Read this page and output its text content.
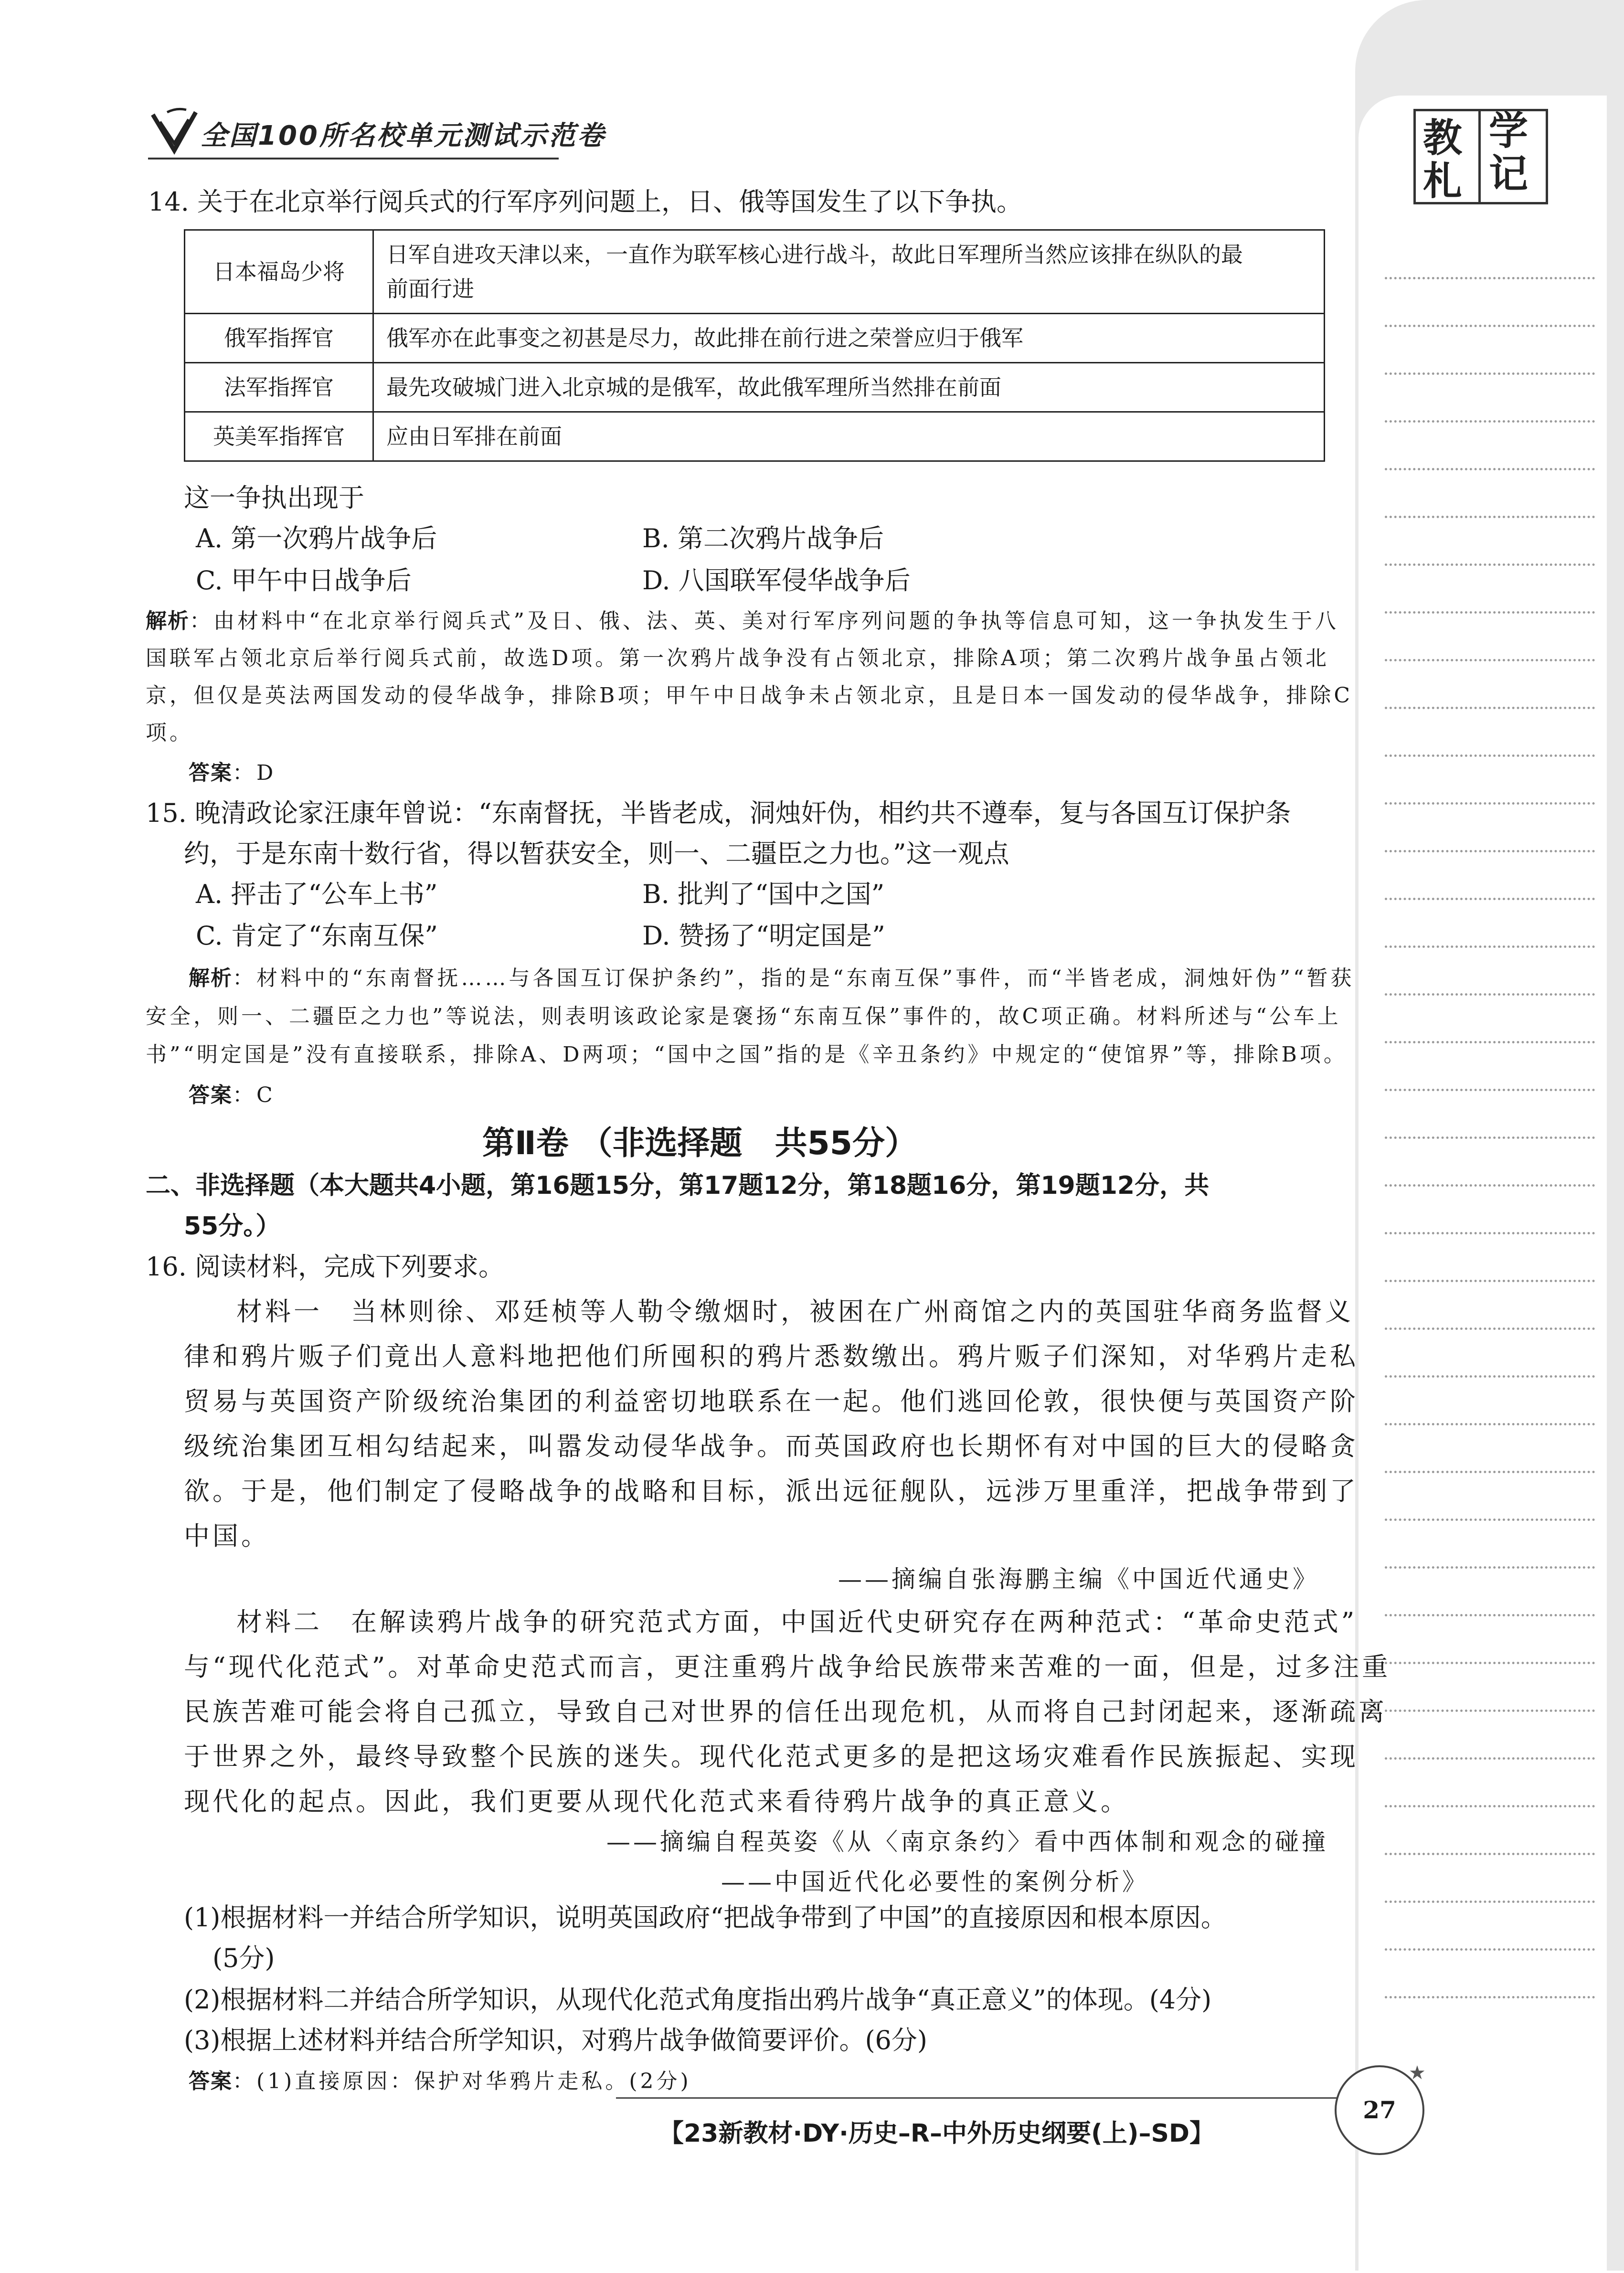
教 学
札 记
全国100所名校单元测试示范卷
14. 关于在北京举行阅兵式的行军序列问题上，日、俄等国发生了以下争执。
日本福岛少将	日军自进攻天津以来，一直作为联军核心进行战斗，故此日军理所当然应该排在纵队的最
前面行进
俄军指挥官	俄军亦在此事变之初甚是尽力，故此排在前行进之荣誉应归于俄军
法军指挥官	最先攻破城门进入北京城的是俄军，故此俄军理所当然排在前面
英美军指挥官	应由日军排在前面
这一争执出现于
A. 第一次鸦片战争后	B. 第二次鸦片战争后
C. 甲午中日战争后	D. 八国联军侵华战争后
解析：由材料中“在北京举行阅兵式”及日、俄、法、英、美对行军序列问题的争执等信息可知，这一争执发生于八
国联军占领北京后举行阅兵式前，故选D项。第一次鸦片战争没有占领北京，排除A项；第二次鸦片战争虽占领北
京，但仅是英法两国发动的侵华战争，排除B项；甲午中日战争未占领北京，且是日本一国发动的侵华战争，排除C
项。
答案：D
15. 晚清政论家汪康年曾说：“东南督抚，半皆老成，洞烛奸伪，相约共不遵奉，复与各国互订保护条
约，于是东南十数行省，得以暂获安全，则一、二疆臣之力也。”这一观点
A. 抨击了“公车上书”	B. 批判了“国中之国”
C. 肯定了“东南互保”	D. 赞扬了“明定国是”
解析：材料中的“东南督抚……与各国互订保护条约”，指的是“东南互保”事件，而“半皆老成，洞烛奸伪”“暂获
安全，则一、二疆臣之力也”等说法，则表明该政论家是褒扬“东南互保”事件的，故C项正确。材料所述与“公车上
书”“明定国是”没有直接联系，排除A、D两项；“国中之国”指的是《辛丑条约》中规定的“使馆界”等，排除B项。
答案：C
第Ⅱ卷 （非选择题　共55分）
二、非选择题（本大题共4小题，第16题15分，第17题12分，第18题16分，第19题12分，共
55分。）
16. 阅读材料，完成下列要求。
材料一　当林则徐、邓廷桢等人勒令缴烟时，被困在广州商馆之内的英国驻华商务监督义
律和鸦片贩子们竟出人意料地把他们所囤积的鸦片悉数缴出。鸦片贩子们深知，对华鸦片走私
贸易与英国资产阶级统治集团的利益密切地联系在一起。他们逃回伦敦，很快便与英国资产阶
级统治集团互相勾结起来，叫嚣发动侵华战争。而英国政府也长期怀有对中国的巨大的侵略贪
欲。于是，他们制定了侵略战争的战略和目标，派出远征舰队，远涉万里重洋，把战争带到了
中国。
——摘编自张海鹏主编《中国近代通史》
材料二　在解读鸦片战争的研究范式方面，中国近代史研究存在两种范式：“革命史范式”
与“现代化范式”。对革命史范式而言，更注重鸦片战争给民族带来苦难的一面，但是，过多注重
民族苦难可能会将自己孤立，导致自己对世界的信任出现危机，从而将自己封闭起来，逐渐疏离
于世界之外，最终导致整个民族的迷失。现代化范式更多的是把这场灾难看作民族振起、实现
现代化的起点。因此，我们更要从现代化范式来看待鸦片战争的真正意义。
——摘编自程英姿《从〈南京条约〉看中西体制和观念的碰撞
——中国近代化必要性的案例分析》
(1)根据材料一并结合所学知识，说明英国政府“把战争带到了中国”的直接原因和根本原因。
(5分)
(2)根据材料二并结合所学知识，从现代化范式角度指出鸦片战争“真正意义”的体现。(4分)
(3)根据上述材料并结合所学知识，对鸦片战争做简要评价。(6分)
答案：(1)直接原因：保护对华鸦片走私。(2分)
【23新教材·DY·历史–R–中外历史纲要(上)–SD】
27
★
